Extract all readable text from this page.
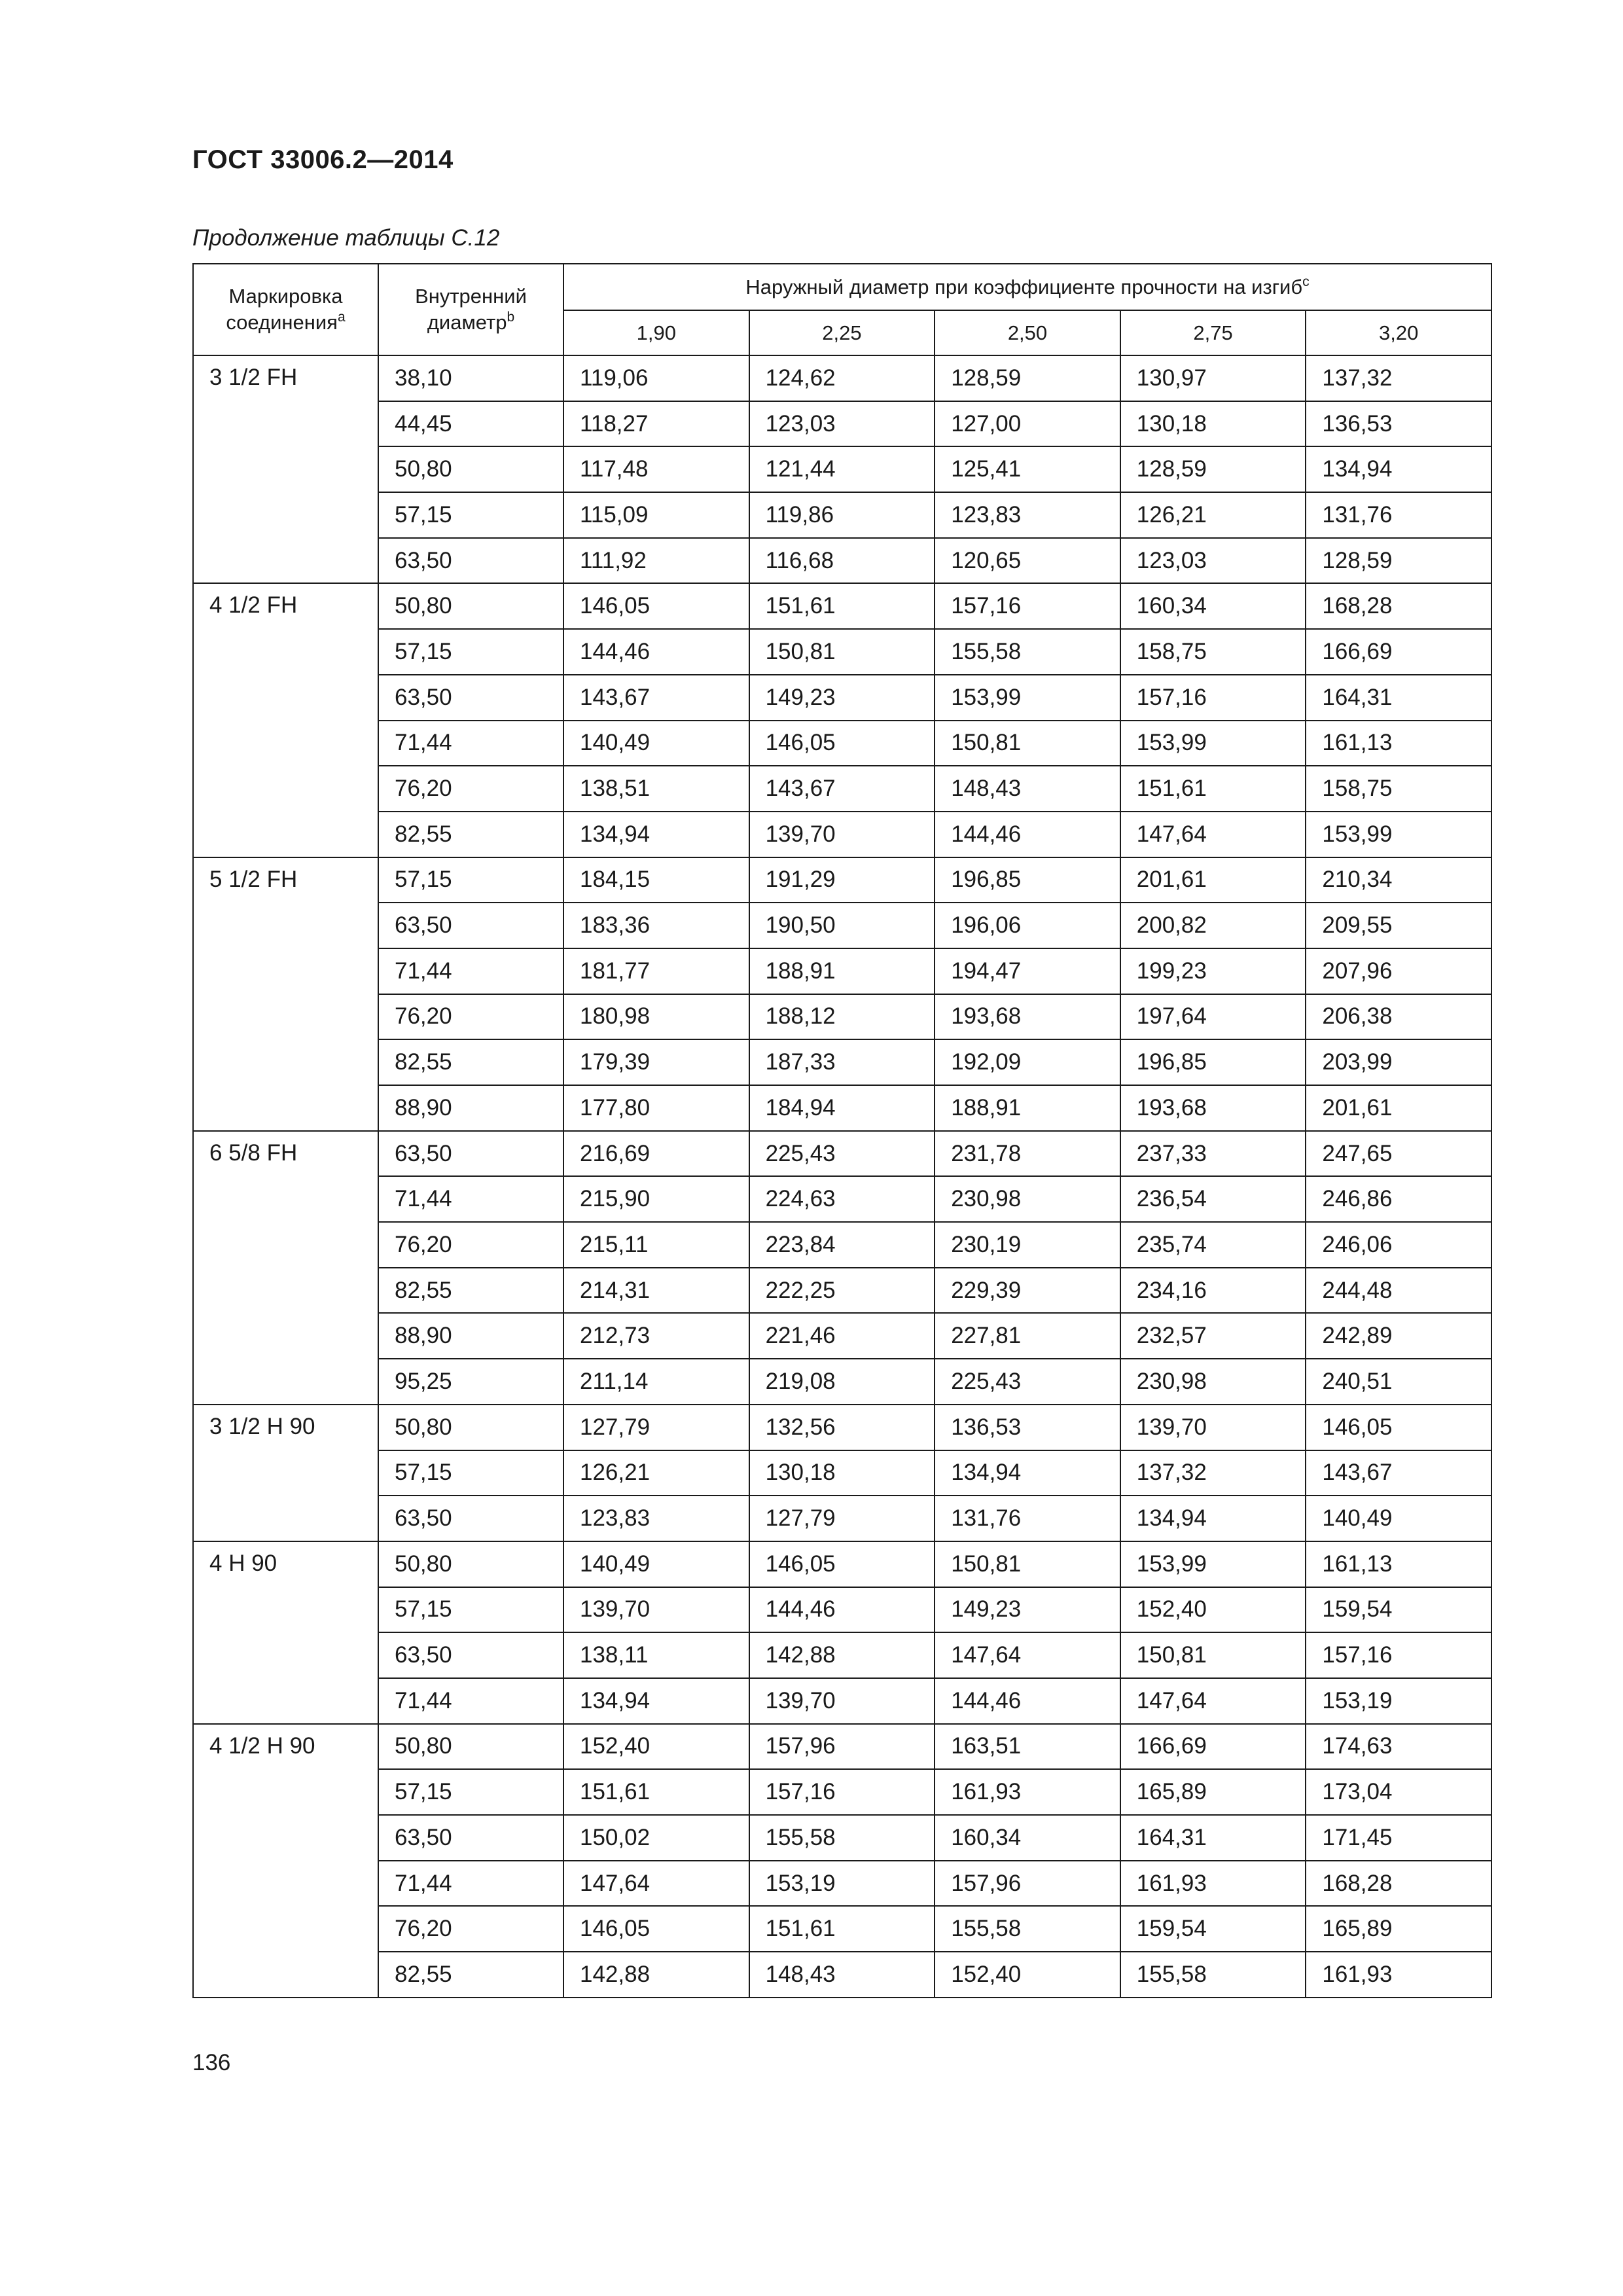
ГОСТ 33006.2—2014
Продолжение таблицы С.12
Маркировка соединения$^a$	Внутренний диаметр$^b$	Наружный диаметр при коэффициенте прочности на изгиб$^c$
		1,90	2,25	2,50	2,75	3,20
3 1/2 FH	38,10	119,06	124,62	128,59	130,97	137,32
	44,45	118,27	123,03	127,00	130,18	136,53
	50,80	117,48	121,44	125,41	128,59	134,94
	57,15	115,09	119,86	123,83	126,21	131,76
	63,50	111,92	116,68	120,65	123,03	128,59
4 1/2 FH	50,80	146,05	151,61	157,16	160,34	168,28
	57,15	144,46	150,81	155,58	158,75	166,69
	63,50	143,67	149,23	153,99	157,16	164,31
	71,44	140,49	146,05	150,81	153,99	161,13
	76,20	138,51	143,67	148,43	151,61	158,75
	82,55	134,94	139,70	144,46	147,64	153,99
5 1/2 FH	57,15	184,15	191,29	196,85	201,61	210,34
	63,50	183,36	190,50	196,06	200,82	209,55
	71,44	181,77	188,91	194,47	199,23	207,96
	76,20	180,98	188,12	193,68	197,64	206,38
	82,55	179,39	187,33	192,09	196,85	203,99
	88,90	177,80	184,94	188,91	193,68	201,61
6 5/8 FH	63,50	216,69	225,43	231,78	237,33	247,65
	71,44	215,90	224,63	230,98	236,54	246,86
	76,20	215,11	223,84	230,19	235,74	246,06
	82,55	214,31	222,25	229,39	234,16	244,48
	88,90	212,73	221,46	227,81	232,57	242,89
	95,25	211,14	219,08	225,43	230,98	240,51
3 1/2 H 90	50,80	127,79	132,56	136,53	139,70	146,05
	57,15	126,21	130,18	134,94	137,32	143,67
	63,50	123,83	127,79	131,76	134,94	140,49
4 H 90	50,80	140,49	146,05	150,81	153,99	161,13
	57,15	139,70	144,46	149,23	152,40	159,54
	63,50	138,11	142,88	147,64	150,81	157,16
	71,44	134,94	139,70	144,46	147,64	153,19
4 1/2 H 90	50,80	152,40	157,96	163,51	166,69	174,63
	57,15	151,61	157,16	161,93	165,89	173,04
	63,50	150,02	155,58	160,34	164,31	171,45
	71,44	147,64	153,19	157,96	161,93	168,28
	76,20	146,05	151,61	155,58	159,54	165,89
	82,55	142,88	148,43	152,40	155,58	161,93
136
